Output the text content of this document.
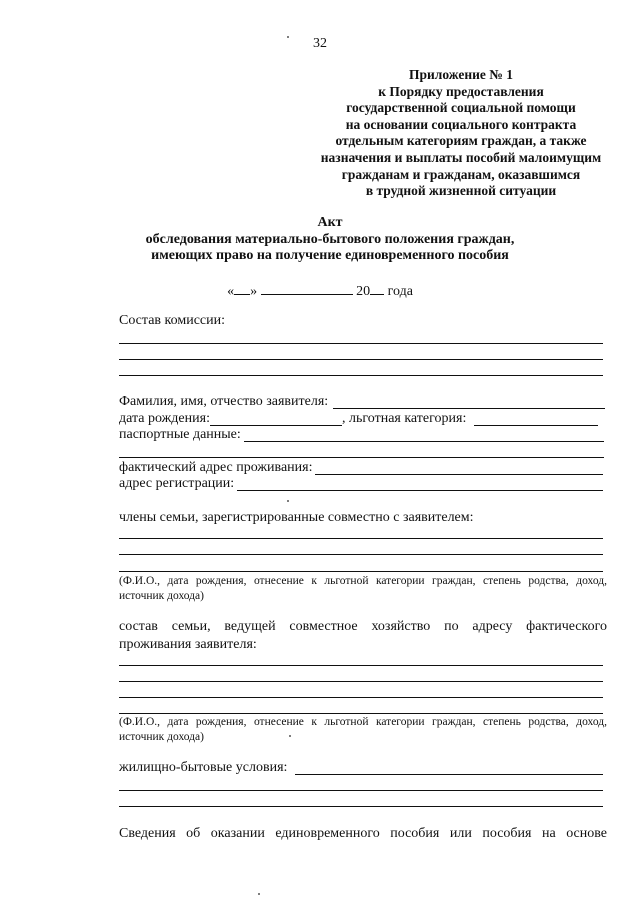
32
Приложение № 1
к Порядку предоставления
государственной социальной помощи
на основании социального контракта
отдельным категориям граждан, а также
назначения и выплаты пособий малоимущим
гражданам и гражданам, оказавшимся
в трудной жизненной ситуации
Акт
обследования материально-бытового положения граждан,
имеющих право на получение единовременного пособия
« »	20 года
Состав комиссии:
Фамилия, имя, отчество заявителя:
дата рождения:	, льготная категория:
паспортные данные:
фактический адрес проживания:
адрес регистрации:
члены семьи, зарегистрированные совместно с заявителем:
(Ф.И.О., дата рождения, отнесение к льготной категории граждан, степень родства, доход, источник дохода)
состав семьи, ведущей совместное хозяйство по адресу фактического проживания заявителя:
(Ф.И.О., дата рождения, отнесение к льготной категории граждан, степень родства, доход, источник дохода)
жилищно-бытовые условия:
Сведения об оказании единовременного пособия или пособия на основе
